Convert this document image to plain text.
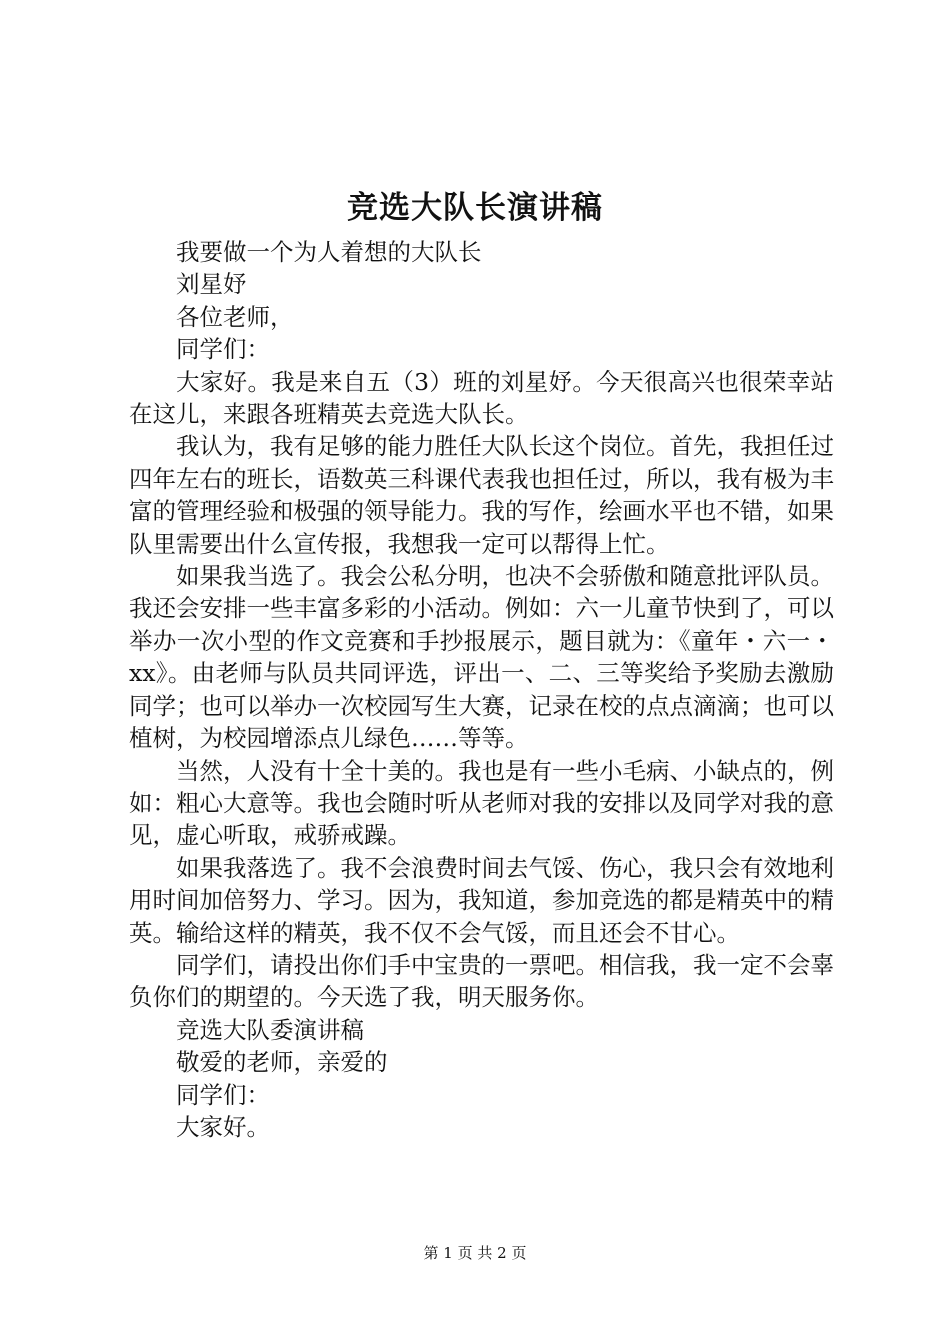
竞选大队长演讲稿

我要做一个为人着想的大队长

刘星妤

各位老师，

同学们：

大家好。我是来自五（3）班的刘星妤。今天很高兴也很荣幸站在这儿，来跟各班精英去竞选大队长。

我认为，我有足够的能力胜任大队长这个岗位。首先，我担任过四年左右的班长，语数英三科课代表我也担任过，所以，我有极为丰富的管理经验和极强的领导能力。我的写作，绘画水平也不错，如果队里需要出什么宣传报，我想我一定可以帮得上忙。

如果我当选了。我会公私分明，也决不会骄傲和随意批评队员。我还会安排一些丰富多彩的小活动。例如：六一儿童节快到了，可以举办一次小型的作文竞赛和手抄报展示，题目就为：《童年・六一・xx》。由老师与队员共同评选，评出一、二、三等奖给予奖励去激励同学；也可以举办一次校园写生大赛，记录在校的点点滴滴；也可以植树，为校园增添点儿绿色……等等。

当然，人没有十全十美的。我也是有一些小毛病、小缺点的，例如：粗心大意等。我也会随时听从老师对我的安排以及同学对我的意见，虚心听取，戒骄戒躁。

如果我落选了。我不会浪费时间去气馁、伤心，我只会有效地利用时间加倍努力、学习。因为，我知道，参加竞选的都是精英中的精英。输给这样的精英，我不仅不会气馁，而且还会不甘心。

同学们，请投出你们手中宝贵的一票吧。相信我，我一定不会辜负你们的期望的。今天选了我，明天服务你。

竞选大队委演讲稿

敬爱的老师，亲爱的

同学们：

大家好。

第 1 页 共 2 页
